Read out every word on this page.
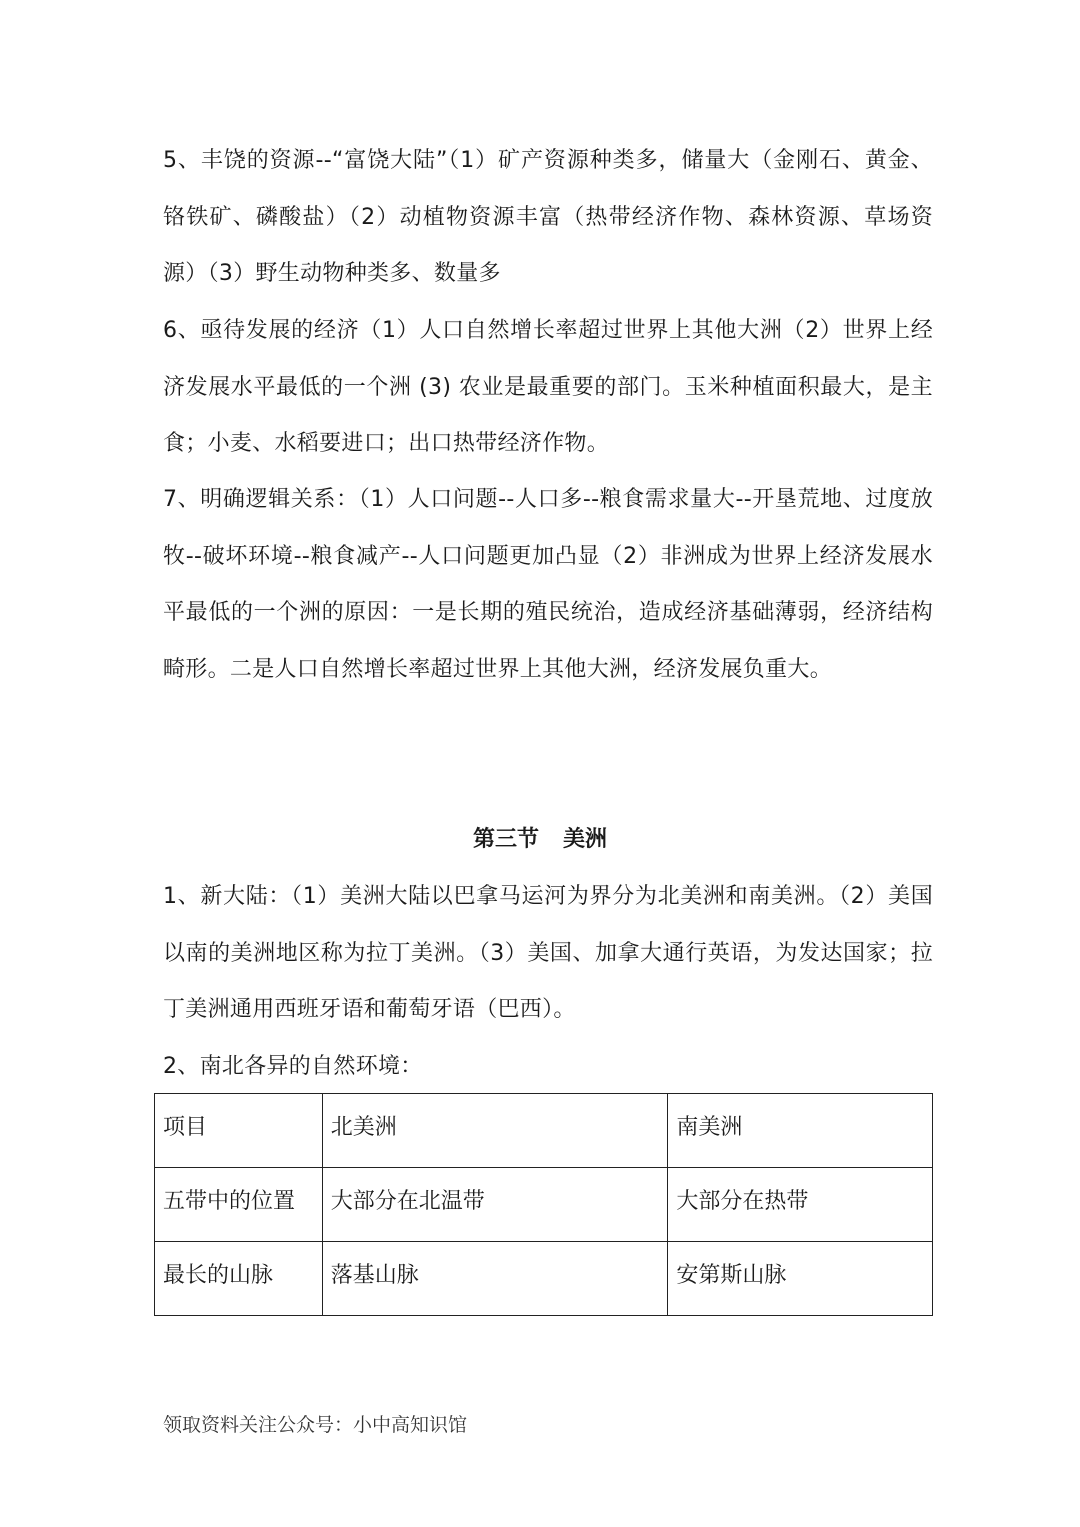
5、丰饶的资源--“富饶大陆”（1）矿产资源种类多，储量大（金刚石、黄金、铬铁矿、磷酸盐）（2）动植物资源丰富（热带经济作物、森林资源、草场资源）（3）野生动物种类多、数量多

6、亟待发展的经济（1）人口自然增长率超过世界上其他大洲（2）世界上经济发展水平最低的一个洲 (3) 农业是最重要的部门。玉米种植面积最大，是主食；小麦、水稻要进口；出口热带经济作物。

7、明确逻辑关系：（1）人口问题--人口多--粮食需求量大--开垦荒地、过度放牧--破坏环境--粮食减产--人口问题更加凸显（2）非洲成为世界上经济发展水平最低的一个洲的原因：一是长期的殖民统治，造成经济基础薄弱，经济结构畸形。二是人口自然增长率超过世界上其他大洲，经济发展负重大。

第三节 美洲

1、新大陆：（1）美洲大陆以巴拿马运河为界分为北美洲和南美洲。（2）美国以南的美洲地区称为拉丁美洲。（3）美国、加拿大通行英语，为发达国家；拉丁美洲通用西班牙语和葡萄牙语（巴西）。

2、南北各异的自然环境：

项目	北美洲	南美洲
五带中的位置	大部分在北温带	大部分在热带
最长的山脉	落基山脉	安第斯山脉
领取资料关注公众号：小中高知识馆
